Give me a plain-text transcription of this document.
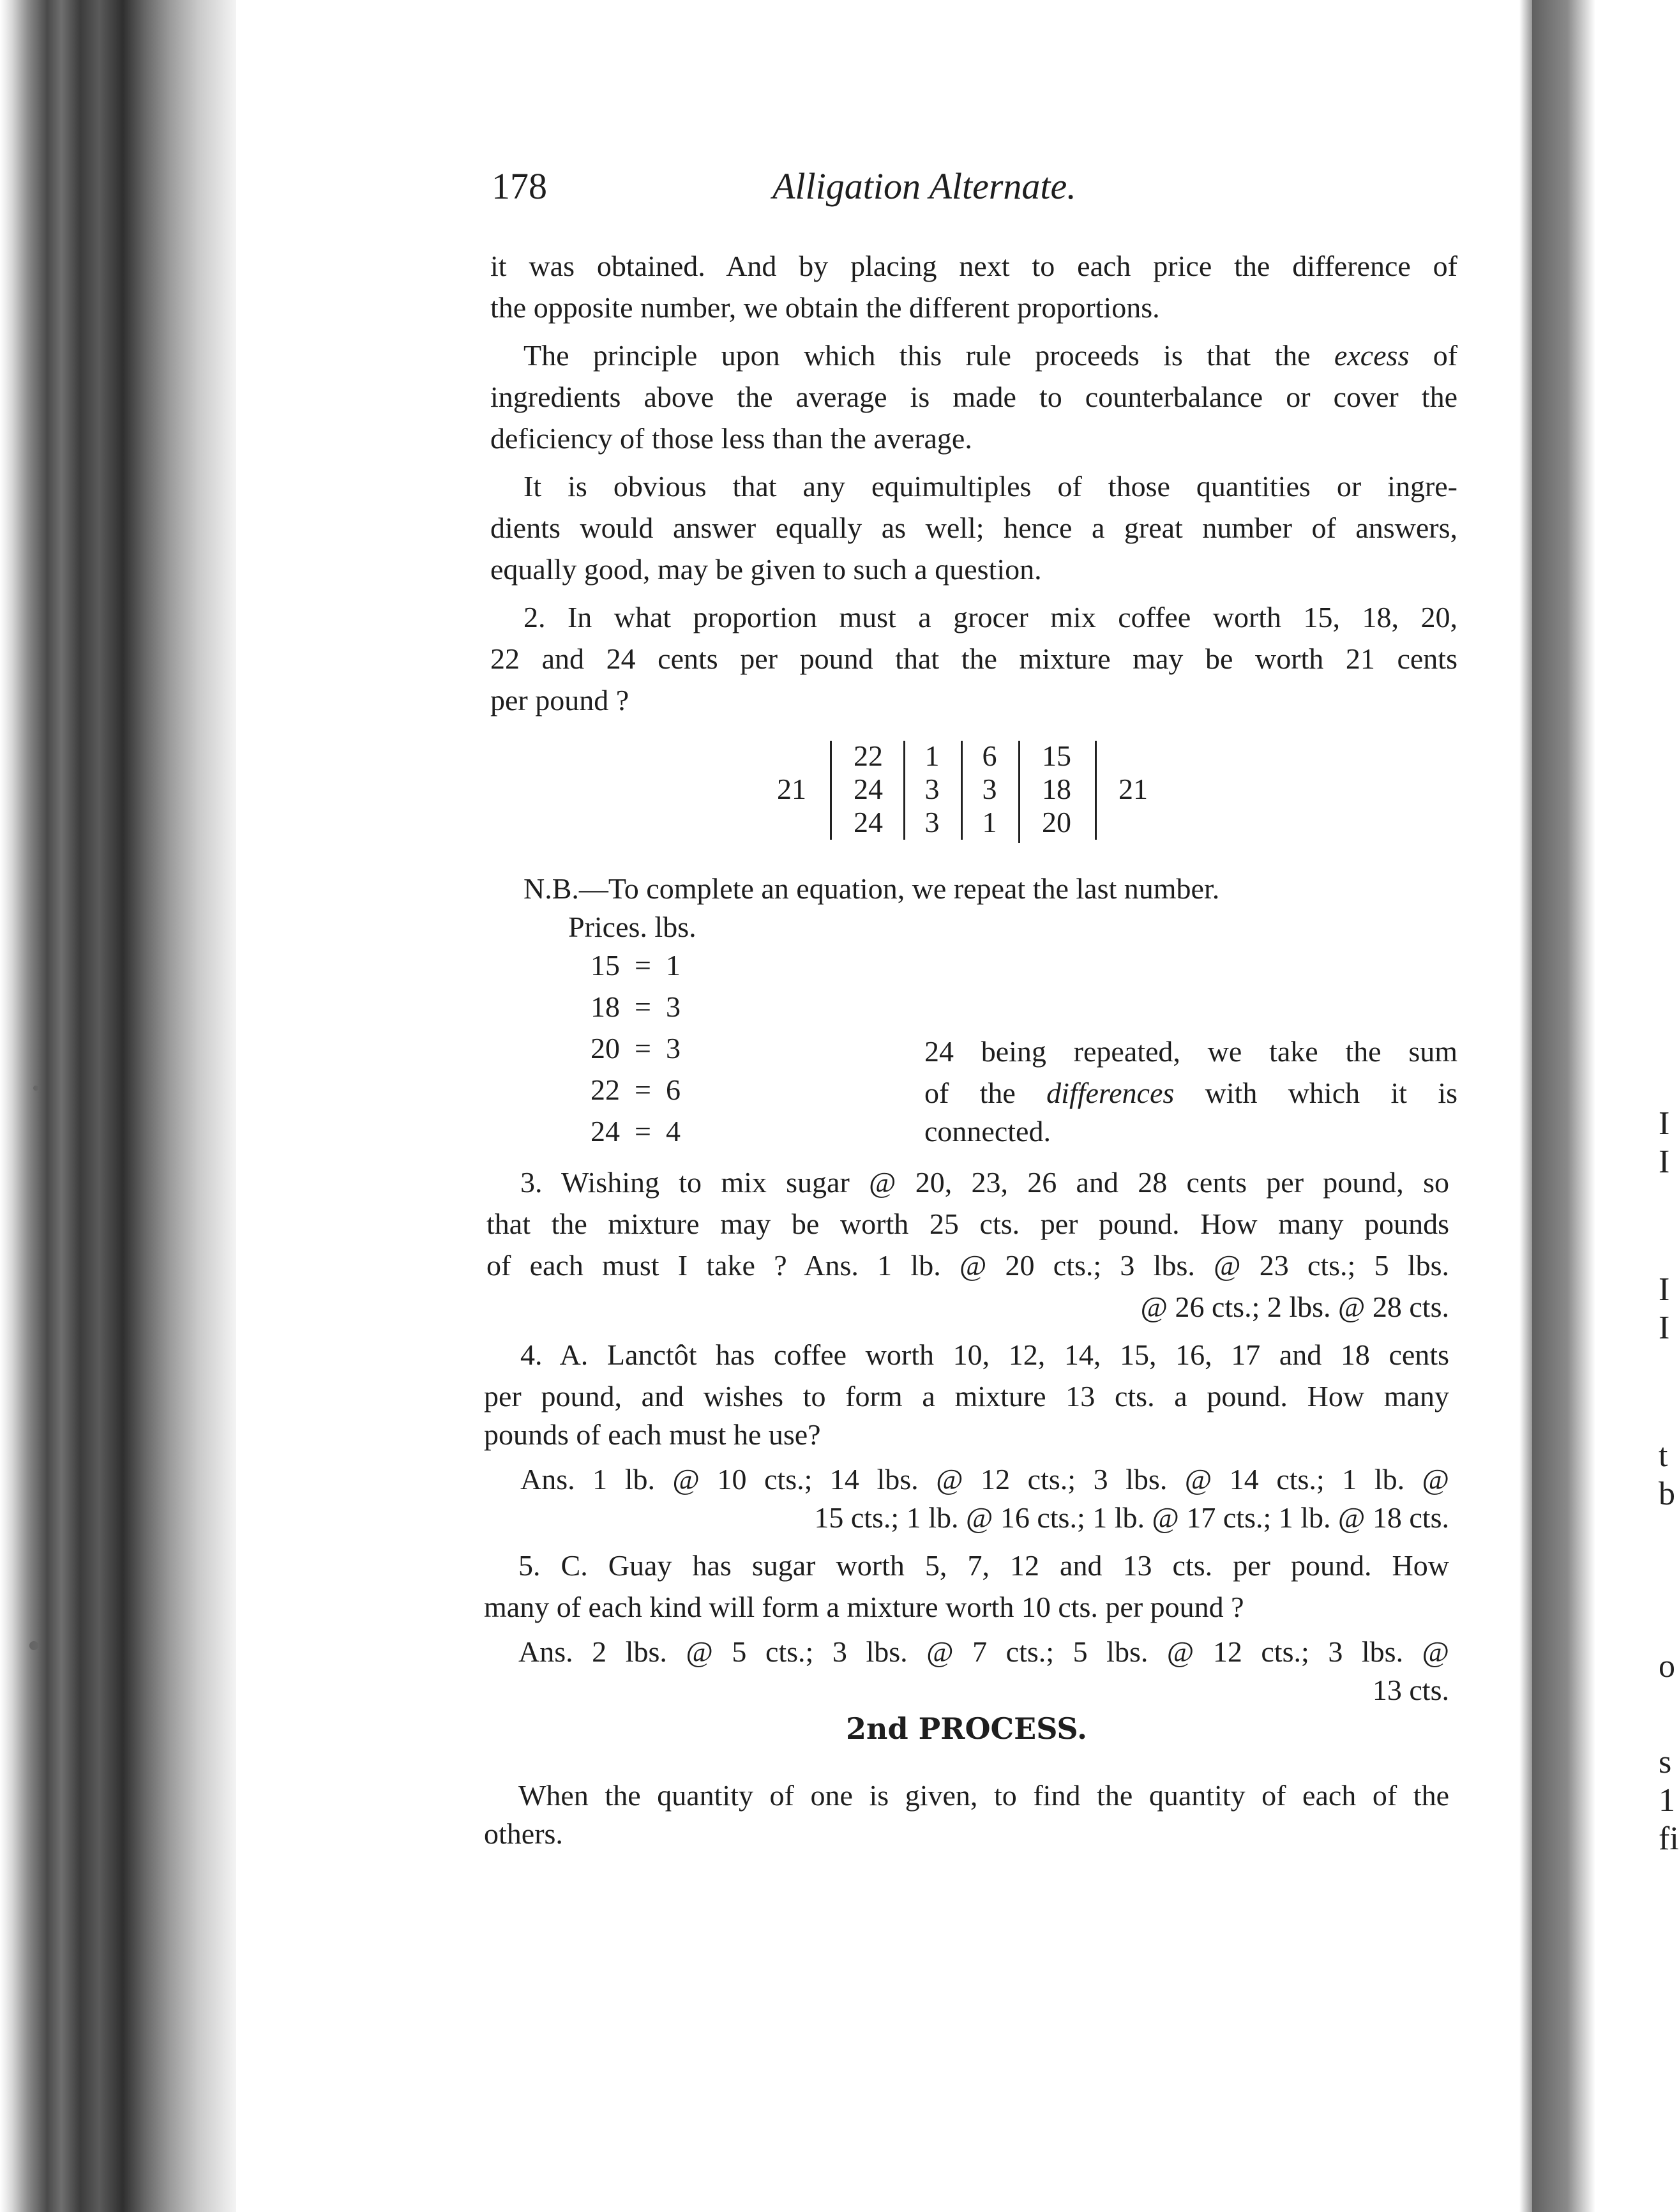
I
I
I
I
t
b
o
s
1
fi
178	Alligation Alternate.
it was obtained. And by placing next to each price the difference of
the opposite number, we obtain the different proportions.
The principle upon which this rule proceeds is that the excess of
ingredients above the average is made to counterbalance or cover the
deficiency of those less than the average.
It is obvious that any equimultiples of those quantities or ingre-
dients would answer equally as well; hence a great number of answers,
equally good, may be given to such a question.
2. In what proportion must a grocer mix coffee worth 15, 18, 20,
22 and 24 cents per pound that the mixture may be worth 21 cents
per pound ?
21
22
24
24
1
3
3
6
3
1
15
18
20
21
N.B.—To complete an equation, we repeat the last number.
Prices. lbs.
15 = 1
18 = 3
20 = 3
22 = 6
24 = 4
24 being repeated, we take the sum
of the differences with which it is
connected.
3. Wishing to mix sugar @ 20, 23, 26 and 28 cents per pound, so
that the mixture may be worth 25 cts. per pound. How many pounds
of each must I take ? Ans. 1 lb. @ 20 cts.; 3 lbs. @ 23 cts.; 5 lbs.
@ 26 cts.; 2 lbs. @ 28 cts.
4. A. Lanctôt has coffee worth 10, 12, 14, 15, 16, 17 and 18 cents
per pound, and wishes to form a mixture 13 cts. a pound. How many
pounds of each must he use?
Ans. 1 lb. @ 10 cts.; 14 lbs. @ 12 cts.; 3 lbs. @ 14 cts.; 1 lb. @
15 cts.; 1 lb. @ 16 cts.; 1 lb. @ 17 cts.; 1 lb. @ 18 cts.
5. C. Guay has sugar worth 5, 7, 12 and 13 cts. per pound. How
many of each kind will form a mixture worth 10 cts. per pound ?
Ans. 2 lbs. @ 5 cts.; 3 lbs. @ 7 cts.; 5 lbs. @ 12 cts.; 3 lbs. @
13 cts.
2nd PROCESS.
When the quantity of one is given, to find the quantity of each of the
others.
